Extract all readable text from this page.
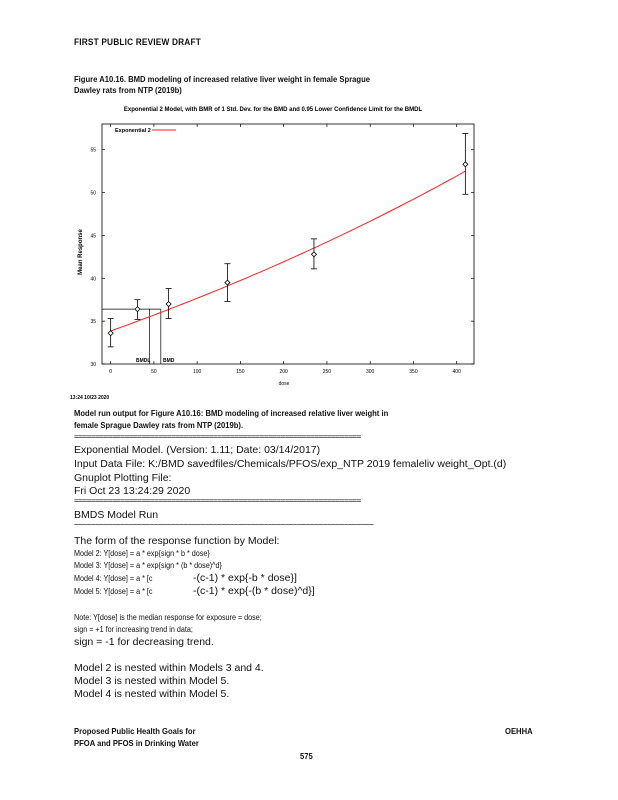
FIRST PUBLIC REVIEW DRAFT
Figure A10.16. BMD modeling of increased relative liver weight in female Sprague
Dawley rats from NTP (2019b)
Exponential 2 Model, with BMR of 1 Std. Dev. for the BMD and 0.95 Lower Confidence Limit for the BMDL
30
35
40
45
50
55
0	50	100	150	200	250	300	350	400
Exponential 2
Mean Response
dose
BMDL	BMD
13:24 10/23 2020
Model run output for Figure A10.16: BMD modeling of increased relative liver weight in
female Sprague Dawley rats from NTP (2019b).
====================================================================
Exponential Model. (Version: 1.11; Date: 03/14/2017)
Input Data File: K:/BMD savedfiles/Chemicals/PFOS/exp_NTP 2019 femaleliv weight_Opt.(d)
Gnuplot Plotting File:
Fri Oct 23 13:24:29 2020
====================================================================
BMDS Model Run
~~~~~~~~~~~~~~~~~~~~~~~~~~~~~~~~~~~~~~~~~~~~~~~~~~~~~~~~~~~~~~~~~~~~~~~
The form of the response function by Model:
Model 2: Y[dose] = a * exp{sign * b * dose}
Model 3: Y[dose] = a * exp{sign * (b * dose)^d}
Model 4: Y[dose] = a * [c	-(c-1) * exp{-b * dose}]
Model 5: Y[dose] = a * [c	-(c-1) * exp{-(b * dose)^d}]
Note: Y[dose] is the median response for exposure = dose;
sign = +1 for increasing trend in data;
sign = -1 for decreasing trend.
Model 2 is nested within Models 3 and 4.
Model 3 is nested within Model 5.
Model 4 is nested within Model 5.
Proposed Public Health Goals for
PFOA and PFOS in Drinking Water
OEHHA
575
